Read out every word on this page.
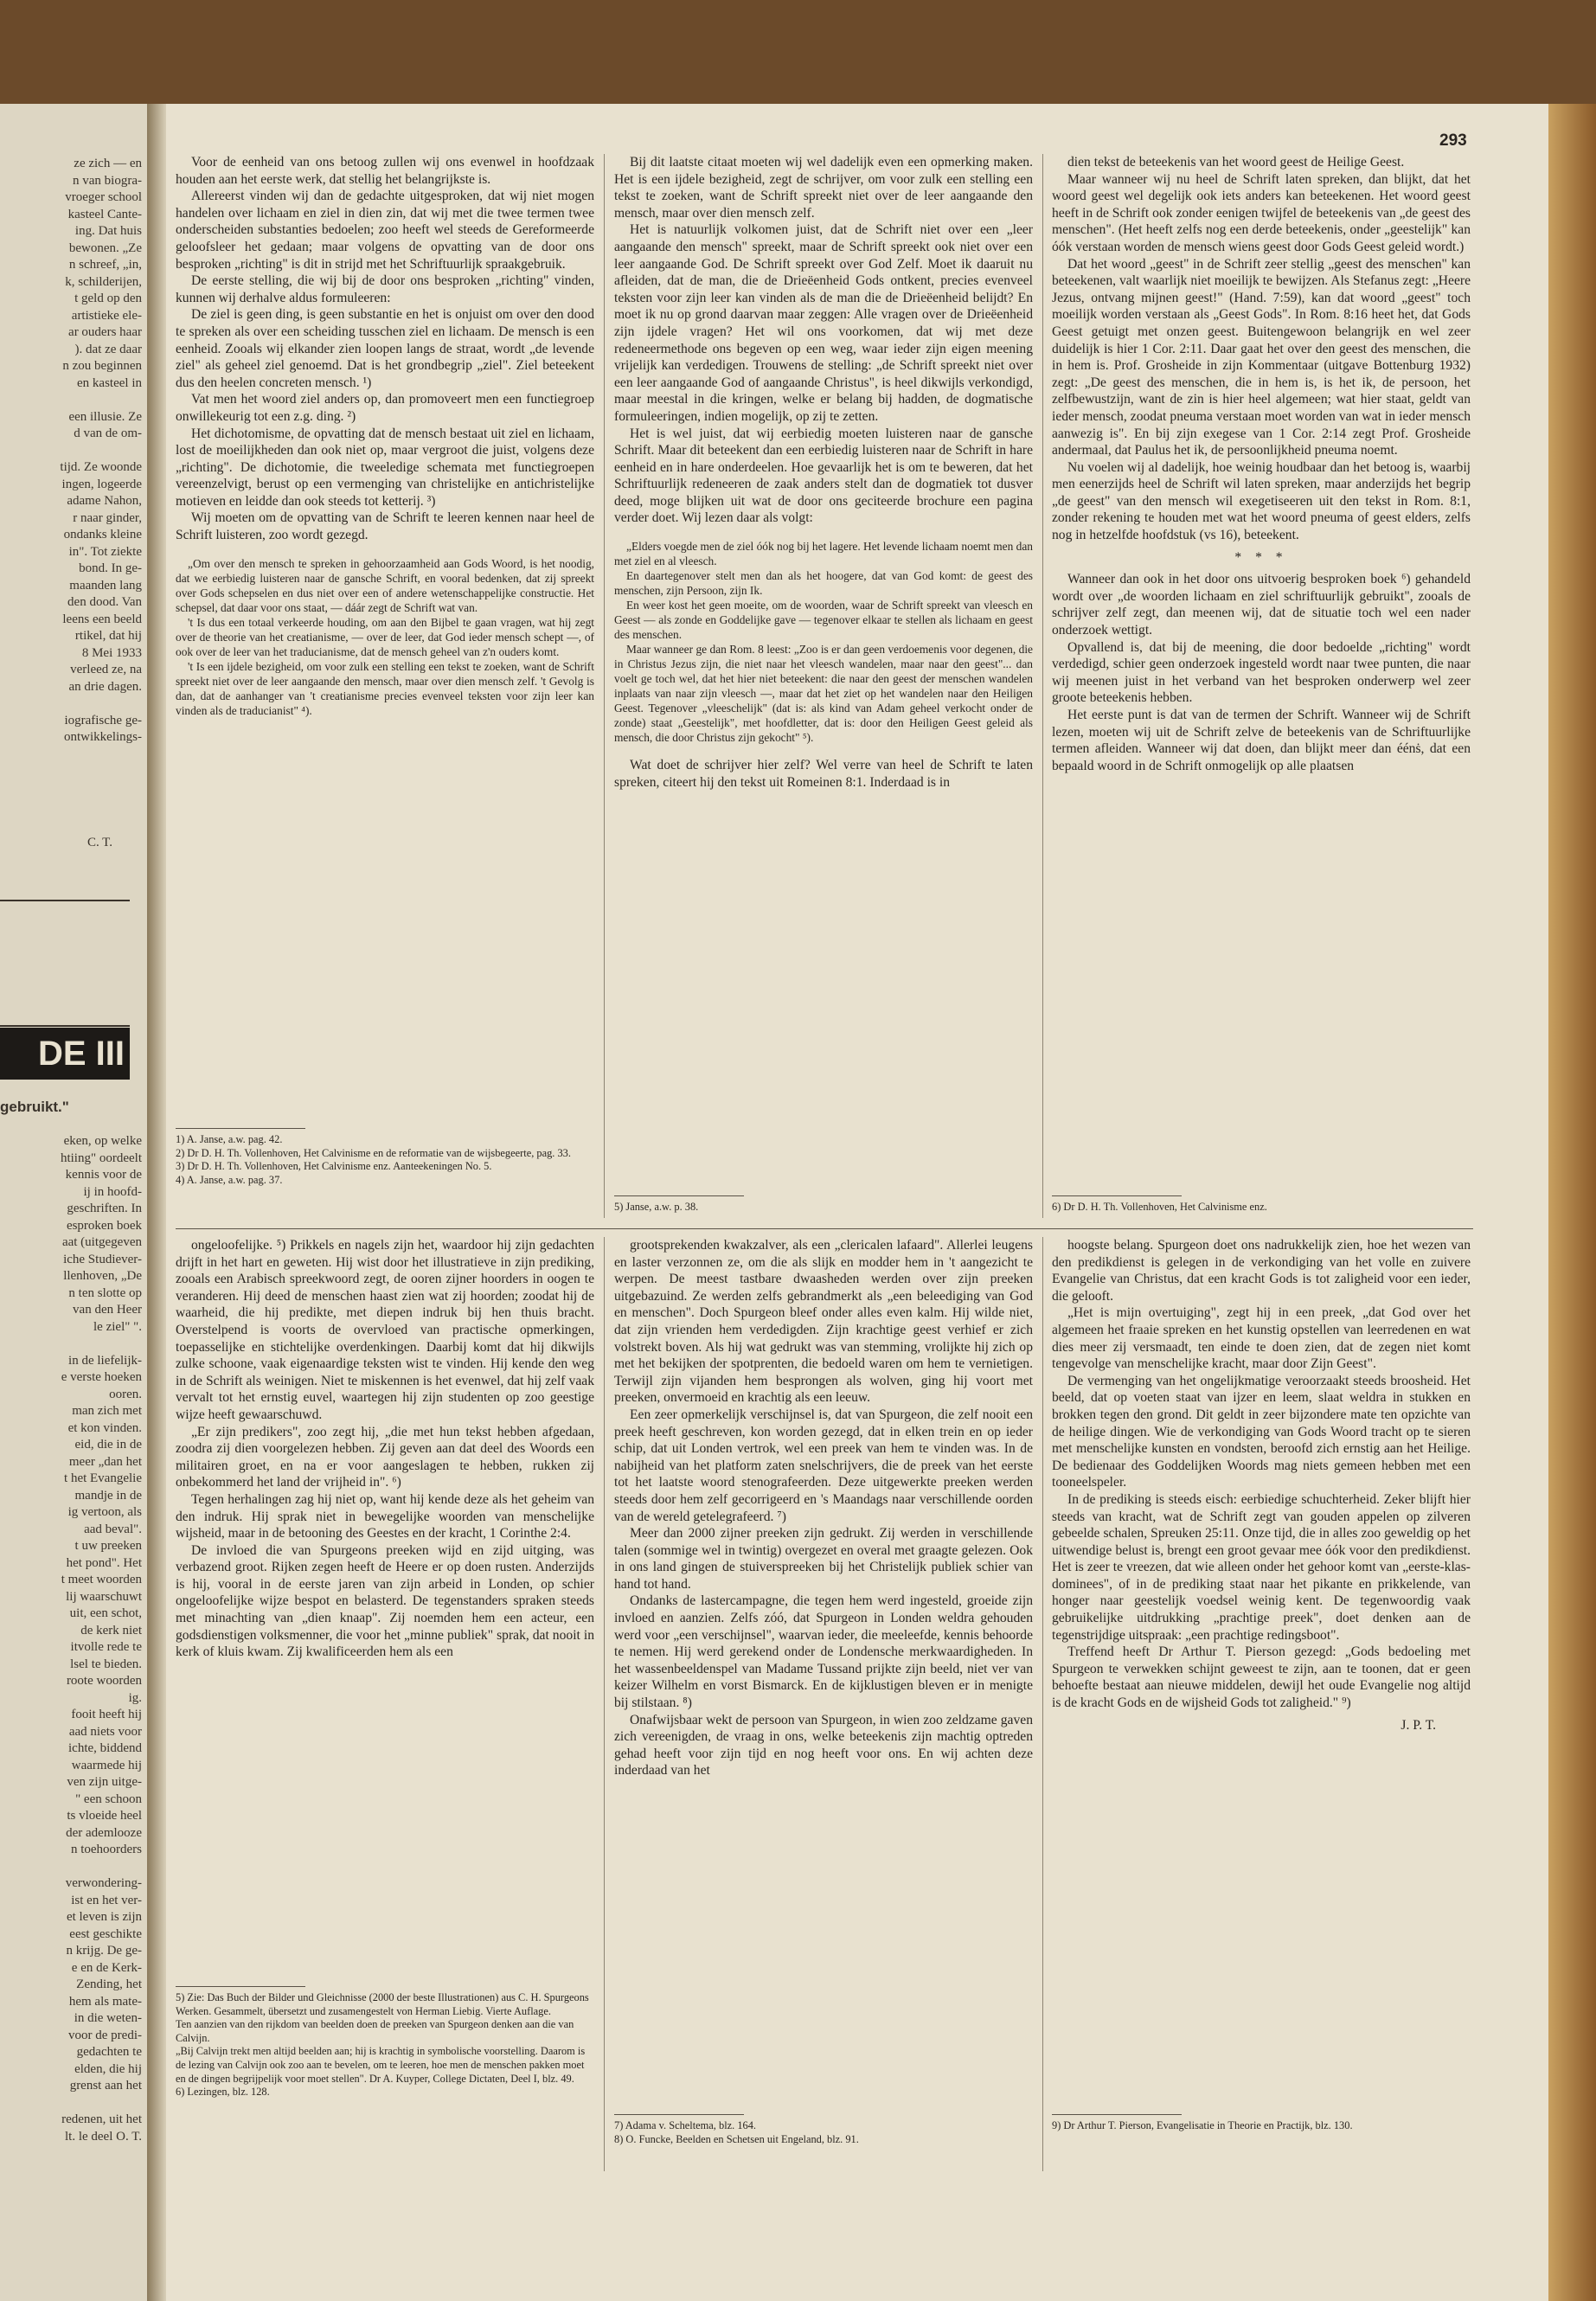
ze zich — en
n van biogra-
vroeger school
kasteel Cante-
ing. Dat huis
bewonen. „Ze
n schreef, „in,
k, schilderijen,
t geld op den
artistieke ele-
ar ouders haar
). dat ze daar
n zou beginnen
en kasteel in

een illusie. Ze
d van de om-

tijd. Ze woonde
ingen, logeerde
adame Nahon,
r naar ginder,
ondanks kleine
in". Tot ziekte
bond. In ge-
maanden lang
den dood. Van
leens een beeld
rtikel, dat hij
8 Mei 1933
verleed ze, na
an drie dagen.

iografische ge-
ontwikkelings-
C. T.
DE III
gebruikt."
eken, op welke
htiing" oordeelt
kennis voor de
ij in hoofd-
geschriften. In
esproken boek
aat (uitgegeven
iche Studiever-
llenhoven, „De
n ten slotte op
van den Heer
le ziel" ".

in de liefelijk-
e verste hoeken
ooren.
man zich met
et kon vinden.
eid, die in de
meer „dan het
t het Evangelie
mandje in de
ig vertoon, als
aad beval".
t uw preeken
het pond". Het
t meet woorden
lij waarschuwt
uit, een schot,
de kerk niet
itvolle rede te
lsel te bieden.
roote woorden
ig.
fooit heeft hij
aad niets voor
ichte, biddend
waarmede hij
ven zijn uitge-
" een schoon
ts vloeide heel
der ademlooze
n toehoorders

verwondering-
ist en het ver-
et leven is zijn
eest geschikte
n krijg. De ge-
e en de Kerk-
Zending, het
hem als mate-
in die weten-
voor de predi-
gedachten te
elden, die hij
grenst aan het

redenen, uit het
lt. le deel O. T.
293

Voor de eenheid van ons betoog zullen wij ons evenwel in hoofdzaak houden aan het eerste werk, dat stellig het belangrijkste is.

Allereerst vinden wij dan de gedachte uitgesproken, dat wij niet mogen handelen over lichaam en ziel in dien zin, dat wij met die twee termen twee onderscheiden substanties bedoelen; zoo heeft wel steeds de Gereformeerde geloofsleer het gedaan; maar volgens de opvatting van de door ons besproken „richting" is dit in strijd met het Schriftuurlijk spraakgebruik.

De eerste stelling, die wij bij de door ons besproken „richting" vinden, kunnen wij derhalve aldus formuleeren:

De ziel is geen ding, is geen substantie en het is onjuist om over den dood te spreken als over een scheiding tusschen ziel en lichaam. De mensch is een eenheid. Zooals wij elkander zien loopen langs de straat, wordt „de levende ziel" als geheel ziel genoemd. Dat is het grondbegrip „ziel". Ziel beteekent dus den heelen concreten mensch. ¹)

Vat men het woord ziel anders op, dan promoveert men een functiegroep onwillekeurig tot een z.g. ding. ²)

Het dichotomisme, de opvatting dat de mensch bestaat uit ziel en lichaam, lost de moeilijkheden dan ook niet op, maar vergroot die juist, volgens deze „richting". De dichotomie, die tweeledige schemata met functiegroepen vereenzelvigt, berust op een vermenging van christelijke en antichristelijke motieven en leidde dan ook steeds tot ketterij. ³)

Wij moeten om de opvatting van de Schrift te leeren kennen naar heel de Schrift luisteren, zoo wordt gezegd.

„Om over den mensch te spreken in gehoorzaamheid aan Gods Woord, is het noodig, dat we eerbiedig luisteren naar de gansche Schrift, en vooral bedenken, dat zij spreekt over Gods schepselen en dus niet over een of andere wetenschappelijke constructie. Het schepsel, dat daar voor ons staat, — dáár zegt de Schrift wat van.

't Is dus een totaal verkeerde houding, om aan den Bijbel te gaan vragen, wat hij zegt over de theorie van het creatianisme, — over de leer, dat God ieder mensch schept —, of ook over de leer van het traducianisme, dat de mensch geheel van z'n ouders komt.

't Is een ijdele bezigheid, om voor zulk een stelling een tekst te zoeken, want de Schrift spreekt niet over de leer aangaande den mensch, maar over dien mensch zelf. 't Gevolg is dan, dat de aanhanger van 't creatianisme precies evenveel teksten voor zijn leer kan vinden als de traducianist" ⁴).

1) A. Janse, a.w. pag. 42.

2) Dr D. H. Th. Vollenhoven, Het Calvinisme en de reformatie van de wijsbegeerte, pag. 33.

3) Dr D. H. Th. Vollenhoven, Het Calvinisme enz. Aanteekeningen No. 5.

4) A. Janse, a.w. pag. 37.

Bij dit laatste citaat moeten wij wel dadelijk even een opmerking maken. Het is een ijdele bezigheid, zegt de schrijver, om voor zulk een stelling een tekst te zoeken, want de Schrift spreekt niet over de leer aangaande den mensch, maar over dien mensch zelf.

Het is natuurlijk volkomen juist, dat de Schrift niet over een „leer aangaande den mensch" spreekt, maar de Schrift spreekt ook niet over een leer aangaande God. De Schrift spreekt over God Zelf. Moet ik daaruit nu afleiden, dat de man, die de Drieëenheid Gods ontkent, precies evenveel teksten voor zijn leer kan vinden als de man die de Drieëenheid belijdt? En moet ik nu op grond daarvan maar zeggen: Alle vragen over de Drieëenheid zijn ijdele vragen? Het wil ons voorkomen, dat wij met deze redeneermethode ons begeven op een weg, waar ieder zijn eigen meening vrijelijk kan verdedigen. Trouwens de stelling: „de Schrift spreekt niet over een leer aangaande God of aangaande Christus", is heel dikwijls verkondigd, maar meestal in die kringen, welke er belang bij hadden, de dogmatische formuleeringen, indien mogelijk, op zij te zetten.

Het is wel juist, dat wij eerbiedig moeten luisteren naar de gansche Schrift. Maar dit beteekent dan een eerbiedig luisteren naar de Schrift in hare eenheid en in hare onderdeelen. Hoe gevaarlijk het is om te beweren, dat het Schriftuurlijk redeneeren de zaak anders stelt dan de dogmatiek tot dusver deed, moge blijken uit wat de door ons geciteerde brochure een pagina verder doet. Wij lezen daar als volgt:

„Elders voegde men de ziel óók nog bij het lagere. Het levende lichaam noemt men dan met ziel en al vleesch.

En daartegenover stelt men dan als het hoogere, dat van God komt: de geest des menschen, zijn Persoon, zijn Ik.

En weer kost het geen moeite, om de woorden, waar de Schrift spreekt van vleesch en Geest — als zonde en Goddelijke gave — tegenover elkaar te stellen als lichaam en geest des menschen.

Maar wanneer ge dan Rom. 8 leest: „Zoo is er dan geen verdoemenis voor degenen, die in Christus Jezus zijn, die niet naar het vleesch wandelen, maar naar den geest"... dan voelt ge toch wel, dat het hier niet beteekent: die naar den geest der menschen wandelen inplaats van naar zijn vleesch —, maar dat het ziet op het wandelen naar den Heiligen Geest. Tegenover „vleeschelijk" (dat is: als kind van Adam geheel verkocht onder de zonde) staat „Geestelijk", met hoofdletter, dat is: door den Heiligen Geest geleid als mensch, die door Christus zijn gekocht" ⁵).

Wat doet de schrijver hier zelf? Wel verre van heel de Schrift te laten spreken, citeert hij den tekst uit Romeinen 8:1. Inderdaad is in

5) Janse, a.w. p. 38.

dien tekst de beteekenis van het woord geest de Heilige Geest.

Maar wanneer wij nu heel de Schrift laten spreken, dan blijkt, dat het woord geest wel degelijk ook iets anders kan beteekenen. Het woord geest heeft in de Schrift ook zonder eenigen twijfel de beteekenis van „de geest des menschen". (Het heeft zelfs nog een derde beteekenis, onder „geestelijk" kan óók verstaan worden de mensch wiens geest door Gods Geest geleid wordt.)

Dat het woord „geest" in de Schrift zeer stellig „geest des menschen" kan beteekenen, valt waarlijk niet moeilijk te bewijzen. Als Stefanus zegt: „Heere Jezus, ontvang mijnen geest!" (Hand. 7:59), kan dat woord „geest" toch moeilijk worden verstaan als „Geest Gods". In Rom. 8:16 heet het, dat Gods Geest getuigt met onzen geest. Buitengewoon belangrijk en wel zeer duidelijk is hier 1 Cor. 2:11. Daar gaat het over den geest des menschen, die in hem is. Prof. Grosheide in zijn Kommentaar (uitgave Bottenburg 1932) zegt: „De geest des menschen, die in hem is, is het ik, de persoon, het zelfbewustzijn, want de zin is hier heel algemeen; wat hier staat, geldt van ieder mensch, zoodat pneuma verstaan moet worden van wat in ieder mensch aanwezig is". En bij zijn exegese van 1 Cor. 2:14 zegt Prof. Grosheide andermaal, dat Paulus het ik, de persoonlijkheid pneuma noemt.

Nu voelen wij al dadelijk, hoe weinig houdbaar dan het betoog is, waarbij men eenerzijds heel de Schrift wil laten spreken, maar anderzijds het begrip „de geest" van den mensch wil exegetiseeren uit den tekst in Rom. 8:1, zonder rekening te houden met wat het woord pneuma of geest elders, zelfs nog in hetzelfde hoofdstuk (vs 16), beteekent.

* * *

Wanneer dan ook in het door ons uitvoerig besproken boek ⁶) gehandeld wordt over „de woorden lichaam en ziel schriftuurlijk gebruikt", zooals de schrijver zelf zegt, dan meenen wij, dat de situatie toch wel een nader onderzoek wettigt.

Opvallend is, dat bij de meening, die door bedoelde „richting" wordt verdedigd, schier geen onderzoek ingesteld wordt naar twee punten, die naar wij meenen juist in het verband van het besproken onderwerp wel zeer groote beteekenis hebben.

Het eerste punt is dat van de termen der Schrift. Wanneer wij de Schrift lezen, moeten wij uit de Schrift zelve de beteekenis van de Schriftuurlijke termen afleiden. Wanneer wij dat doen, dan blijkt meer dan éénṡ, dat een bepaald woord in de Schrift onmogelijk op alle plaatsen

6) Dr D. H. Th. Vollenhoven, Het Calvinisme enz.

ongeloofelijke. ⁵) Prikkels en nagels zijn het, waardoor hij zijn gedachten drijft in het hart en geweten. Hij wist door het illustratieve in zijn prediking, zooals een Arabisch spreekwoord zegt, de ooren zijner hoorders in oogen te veranderen. Hij deed de menschen haast zien wat zij hoorden; zoodat hij de waarheid, die hij predikte, met diepen indruk bij hen thuis bracht. Overstelpend is voorts de overvloed van practische opmerkingen, toepasselijke en stichtelijke overdenkingen. Daarbij komt dat hij dikwijls zulke schoone, vaak eigenaardige teksten wist te vinden. Hij kende den weg in de Schrift als weinigen. Niet te miskennen is het evenwel, dat hij zelf vaak vervalt tot het ernstig euvel, waartegen hij zijn studenten op zoo geestige wijze heeft gewaarschuwd.

„Er zijn predikers", zoo zegt hij, „die met hun tekst hebben afgedaan, zoodra zij dien voorgelezen hebben. Zij geven aan dat deel des Woords een militairen groet, en na er voor aangeslagen te hebben, rukken zij onbekommerd het land der vrijheid in". ⁶)

Tegen herhalingen zag hij niet op, want hij kende deze als het geheim van den indruk. Hij sprak niet in bewegelijke woorden van menschelijke wijsheid, maar in de betooning des Geestes en der kracht, 1 Corinthe 2:4.

De invloed die van Spurgeons preeken wijd en zijd uitging, was verbazend groot. Rijken zegen heeft de Heere er op doen rusten. Anderzijds is hij, vooral in de eerste jaren van zijn arbeid in Londen, op schier ongeloofelijke wijze bespot en belasterd. De tegenstanders spraken steeds met minachting van „dien knaap". Zij noemden hem een acteur, een godsdienstigen volksmenner, die voor het „minne publiek" sprak, dat nooit in kerk of kluis kwam. Zij kwalificeerden hem als een

5) Zie: Das Buch der Bilder und Gleichnisse (2000 der beste Illustrationen) aus C. H. Spurgeons Werken. Gesammelt, übersetzt und zusamengestelt von Herman Liebig. Vierte Auflage.

Ten aanzien van den rijkdom van beelden doen de preeken van Spurgeon denken aan die van Calvijn.

„Bij Calvijn trekt men altijd beelden aan; hij is krachtig in symbolische voorstelling. Daarom is de lezing van Calvijn ook zoo aan te bevelen, om te leeren, hoe men de menschen pakken moet en de dingen begrijpelijk voor moet stellen". Dr A. Kuyper, College Dictaten, Deel I, blz. 49.

6) Lezingen, blz. 128.

grootsprekenden kwakzalver, als een „clericalen lafaard". Allerlei leugens en laster verzonnen ze, om die als slijk en modder hem in 't aangezicht te werpen. De meest tastbare dwaasheden werden over zijn preeken uitgebazuind. Ze werden zelfs gebrandmerkt als „een beleediging van God en menschen". Doch Spurgeon bleef onder alles even kalm. Hij wilde niet, dat zijn vrienden hem verdedigden. Zijn krachtige geest verhief er zich volstrekt boven. Als hij wat gedrukt was van stemming, vrolijkte hij zich op met het bekijken der spotprenten, die bedoeld waren om hem te vernietigen. Terwijl zijn vijanden hem besprongen als wolven, ging hij voort met preeken, onvermoeid en krachtig als een leeuw.

Een zeer opmerkelijk verschijnsel is, dat van Spurgeon, die zelf nooit een preek heeft geschreven, kon worden gezegd, dat in elken trein en op ieder schip, dat uit Londen vertrok, wel een preek van hem te vinden was. In de nabijheid van het platform zaten snelschrijvers, die de preek van het eerste tot het laatste woord stenografeerden. Deze uitgewerkte preeken werden steeds door hem zelf gecorrigeerd en 's Maandags naar verschillende oorden van de wereld getelegrafeerd. ⁷)

Meer dan 2000 zijner preeken zijn gedrukt. Zij werden in verschillende talen (sommige wel in twintig) overgezet en overal met graagte gelezen. Ook in ons land gingen de stuiverspreeken bij het Christelijk publiek schier van hand tot hand.

Ondanks de lastercampagne, die tegen hem werd ingesteld, groeide zijn invloed en aanzien. Zelfs zóó, dat Spurgeon in Londen weldra gehouden werd voor „een verschijnsel", waarvan ieder, die meeleefde, kennis behoorde te nemen. Hij werd gerekend onder de Londensche merkwaardigheden. In het wassenbeeldenspel van Madame Tussand prijkte zijn beeld, niet ver van keizer Wilhelm en vorst Bismarck. En de kijklustigen bleven er in menigte bij stilstaan. ⁸)

Onafwijsbaar wekt de persoon van Spurgeon, in wien zoo zeldzame gaven zich vereenigden, de vraag in ons, welke beteekenis zijn machtig optreden gehad heeft voor zijn tijd en nog heeft voor ons. En wij achten deze inderdaad van het

7) Adama v. Scheltema, blz. 164.

8) O. Funcke, Beelden en Schetsen uit Engeland, blz. 91.

hoogste belang. Spurgeon doet ons nadrukkelijk zien, hoe het wezen van den predikdienst is gelegen in de verkondiging van het volle en zuivere Evangelie van Christus, dat een kracht Gods is tot zaligheid voor een ieder, die gelooft.

„Het is mijn overtuiging", zegt hij in een preek, „dat God over het algemeen het fraaie spreken en het kunstig opstellen van leerredenen en wat dies meer zij versmaadt, ten einde te doen zien, dat de zegen niet komt tengevolge van menschelijke kracht, maar door Zijn Geest".

De vermenging van het ongelijkmatige veroorzaakt steeds broosheid. Het beeld, dat op voeten staat van ijzer en leem, slaat weldra in stukken en brokken tegen den grond. Dit geldt in zeer bijzondere mate ten opzichte van de heilige dingen. Wie de verkondiging van Gods Woord tracht op te sieren met menschelijke kunsten en vondsten, beroofd zich ernstig aan het Heilige. De bedienaar des Goddelijken Woords mag niets gemeen hebben met een tooneelspeler.

In de prediking is steeds eisch: eerbiedige schuchterheid. Zeker blijft hier steeds van kracht, wat de Schrift zegt van gouden appelen op zilveren gebeelde schalen, Spreuken 25:11. Onze tijd, die in alles zoo geweldig op het uitwendige belust is, brengt een groot gevaar mee óók voor den predikdienst. Het is zeer te vreezen, dat wie alleen onder het gehoor komt van „eerste-klas-dominees", of in de prediking staat naar het pikante en prikkelende, van honger naar geestelijk voedsel weinig kent. De tegenwoordig vaak gebruikelijke uitdrukking „prachtige preek", doet denken aan de tegenstrijdige uitspraak: „een prachtige redingsboot".

Treffend heeft Dr Arthur T. Pierson gezegd: „Gods bedoeling met Spurgeon te verwekken schijnt geweest te zijn, aan te toonen, dat er geen behoefte bestaat aan nieuwe middelen, dewijl het oude Evangelie nog altijd is de kracht Gods en de wijsheid Gods tot zaligheid." ⁹)

J. P. T.

9) Dr Arthur T. Pierson, Evangelisatie in Theorie en Practijk, blz. 130.
